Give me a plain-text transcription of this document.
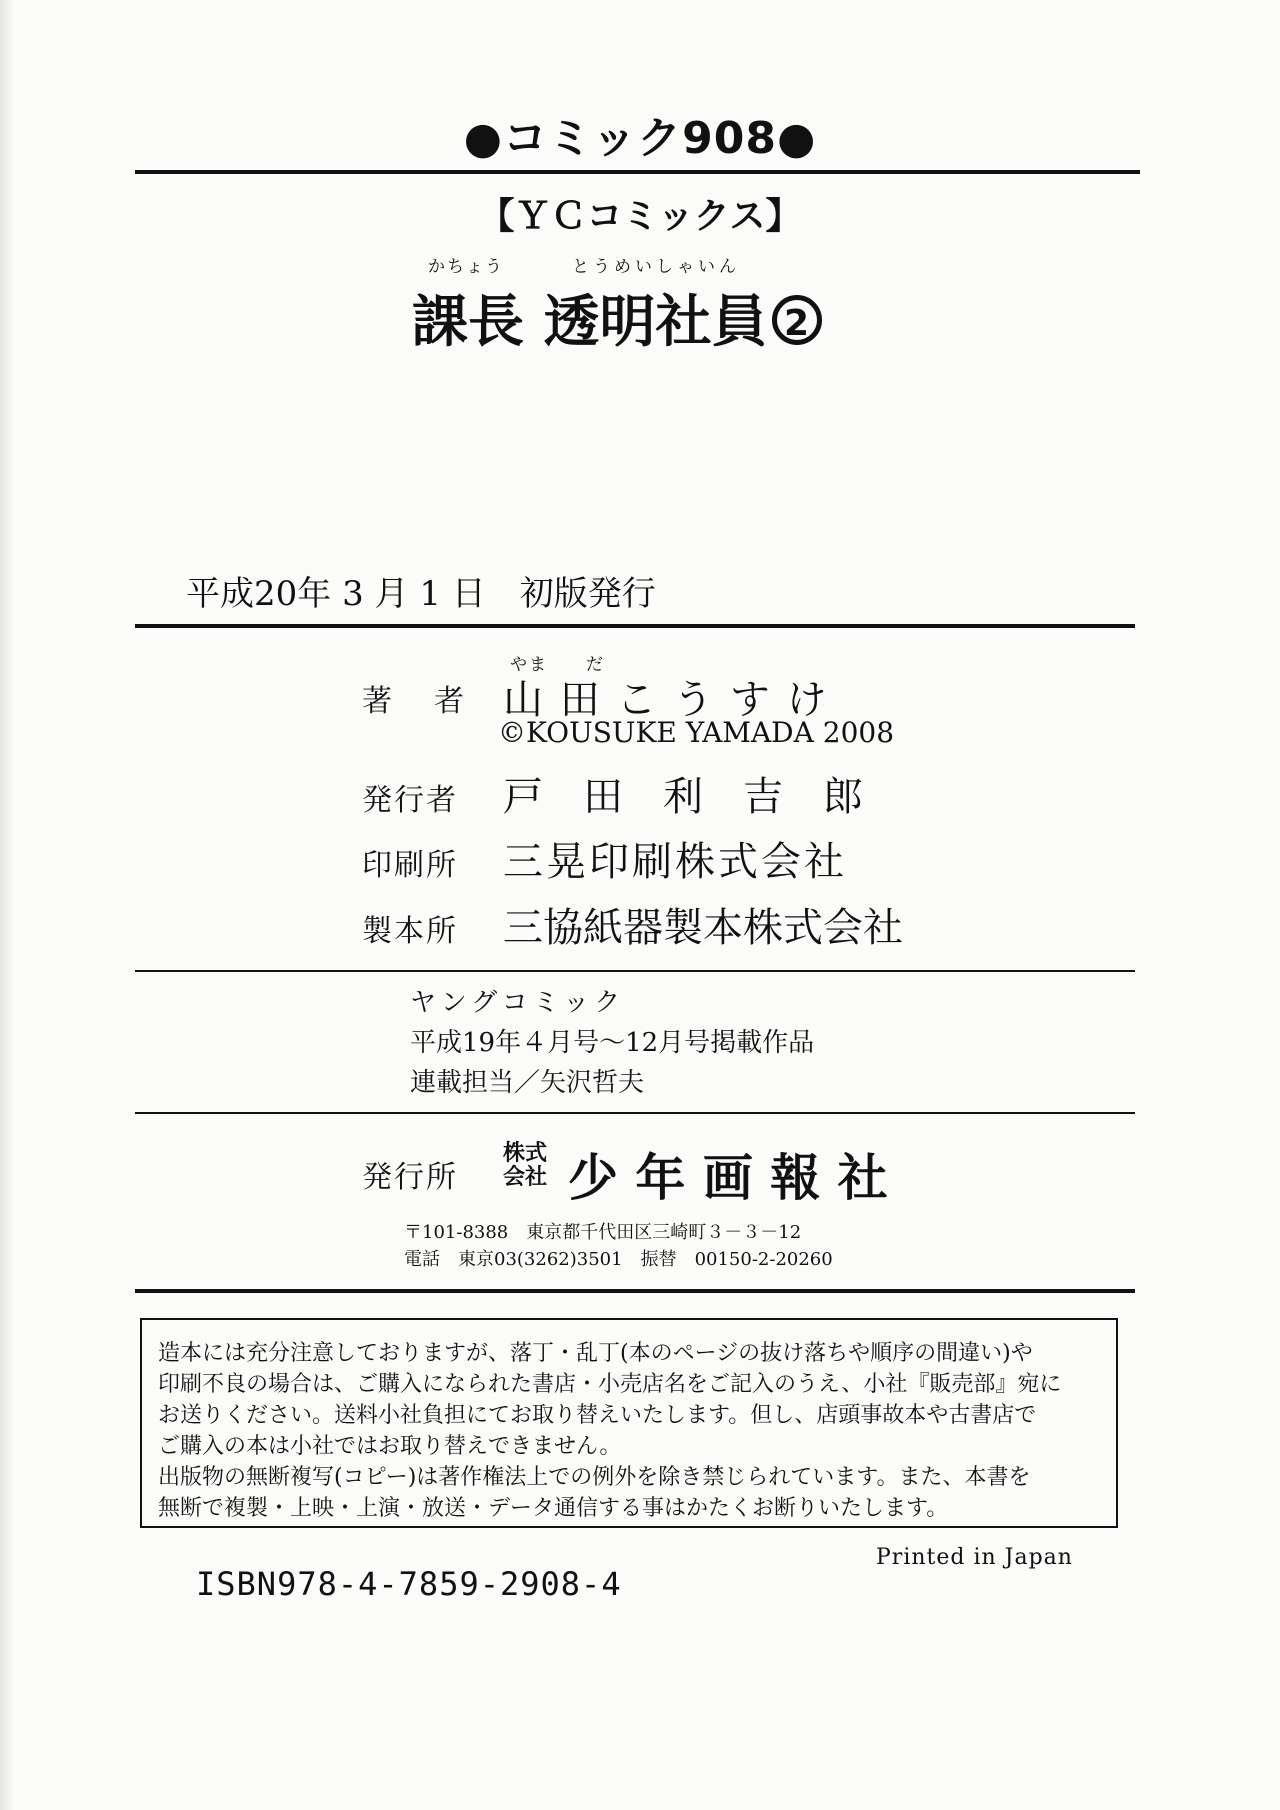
●コミック908●
【ＹＣコミックス】
かちょう	とうめいしゃいん
課長 透明社員 2
平成20年 3 月 1 日　初版発行
やま だ
著　者 山 田 こ う す け
©KOUSUKE YAMADA 2008
発行者 戸　田　利　吉　郎
印刷所 三晃印刷株式会社
製本所 三協紙器製本株式会社
ヤングコミック
平成19年４月号～12月号掲載作品
連載担当／矢沢哲夫
発行所
株式
会社 少 年 画 報 社
〒101-8388　東京都千代田区三崎町３－３－12
電話　東京03(3262)3501　振替　00150-2-20260
造本には充分注意しておりますが、落丁・乱丁(本のページの抜け落ちや順序の間違い)や
印刷不良の場合は、ご購入になられた書店・小売店名をご記入のうえ、小社『販売部』宛に
お送りください。送料小社負担にてお取り替えいたします。但し、店頭事故本や古書店で
ご購入の本は小社ではお取り替えできません。
出版物の無断複写(コピー)は著作権法上での例外を除き禁じられています。また、本書を
無断で複製・上映・上演・放送・データ通信する事はかたくお断りいたします。
Printed in Japan
ISBN978-4-7859-2908-4
